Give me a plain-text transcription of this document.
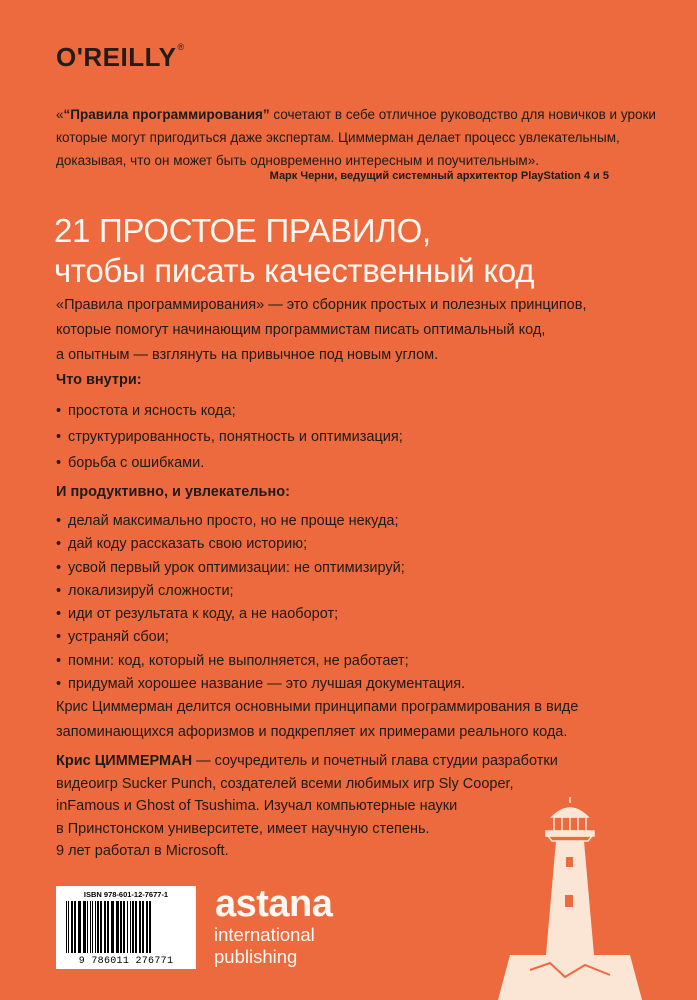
O'REILLY®
«“Правила программирования” сочетают в себе отличное руководство для новичков и уроки
которые могут пригодиться даже экспертам. Циммерман делает процесс увлекательным,
доказывая, что он может быть одновременно интересным и поучительным».
Марк Черни, ведущий системный архитектор PlayStation 4 и 5
21 ПРОСТОЕ ПРАВИЛО,
чтобы писать качественный код
«Правила программирования» — это сборник простых и полезных принципов,
которые помогут начинающим программистам писать оптимальный код,
а опытным — взглянуть на привычное под новым углом.
Что внутри:
• простота и ясность кода;
• структурированность, понятность и оптимизация;
• борьба с ошибками.
И продуктивно, и увлекательно:
• делай максимально просто, но не проще некуда;
• дай коду рассказать свою историю;
• усвой первый урок оптимизации: не оптимизируй;
• локализируй сложности;
• иди от результата к коду, а не наоборот;
• устраняй сбои;
• помни: код, который не выполняется, не работает;
• придумай хорошее название — это лучшая документация.
Крис Циммерман делится основными принципами программирования в виде
запоминающихся афоризмов и подкрепляет их примерами реального кода.
Крис ЦИММЕРМАН — соучредитель и почетный глава студии разработки
видеоигр Sucker Punch, создателей всеми любимых игр Sly Cooper,
inFamous и Ghost of Tsushima. Изучал компьютерные науки
в Принстонском университете, имеет научную степень.
9 лет работал в Microsoft.
ISBN 978-601-12-7677-1
9 786011 276771
astana
international
publishing
